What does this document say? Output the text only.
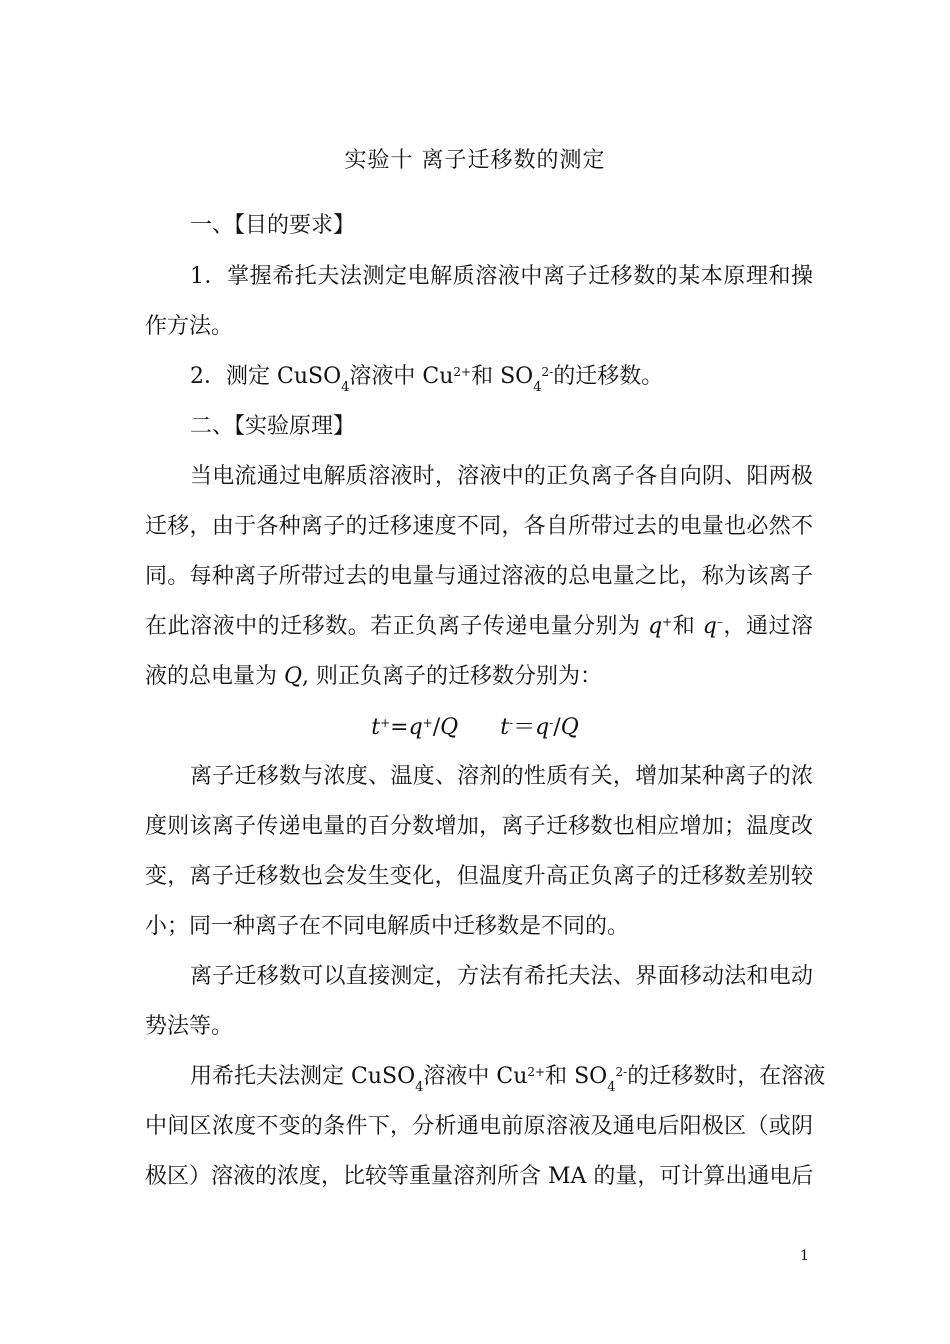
实验十 离子迁移数的测定
一、【目的要求】
1．掌握希托夫法测定电解质溶液中离子迁移数的某本原理和操
作方法。
2．测定 CuSO$_4$溶液中 $Cu^{2+}$和 $SO_4^{2-}$的迁移数。
二、【实验原理】
当电流通过电解质溶液时，溶液中的正负离子各自向阴、阳两极
迁移，由于各种离子的迁移速度不同，各自所带过去的电量也必然不
同。每种离子所带过去的电量与通过溶液的总电量之比，称为该离子
在此溶液中的迁移数。若正负离子传递电量分别为 q+和 q–，通过溶
液的总电量为 Q, 则正负离子的迁移数分别为：
t+=q+/Q t-＝q-/Q
离子迁移数与浓度、温度、溶剂的性质有关，增加某种离子的浓
度则该离子传递电量的百分数增加，离子迁移数也相应增加；温度改
变，离子迁移数也会发生变化，但温度升高正负离子的迁移数差别较
小；同一种离子在不同电解质中迁移数是不同的。
离子迁移数可以直接测定，方法有希托夫法、界面移动法和电动
势法等。
用希托夫法测定 CuSO$_4$溶液中 $Cu^{2+}$和 $SO_4^{2-}$的迁移数时，在溶液
中间区浓度不变的条件下，分析通电前原溶液及通电后阳极区（或阴
极区）溶液的浓度，比较等重量溶剂所含 MA 的量，可计算出通电后
1
